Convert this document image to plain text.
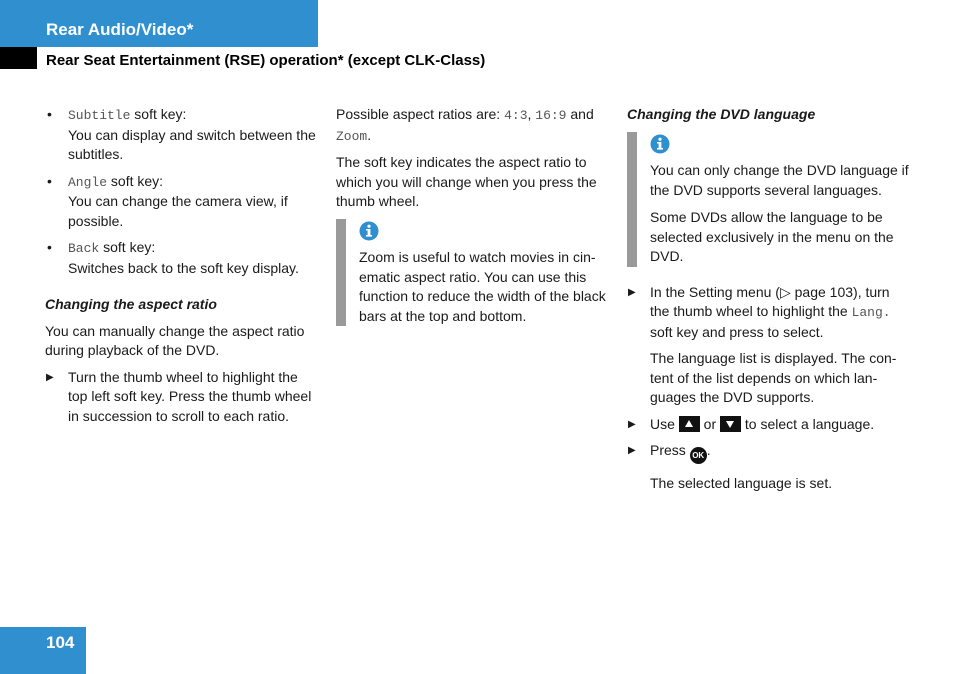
Rear Audio/Video*
Rear Seat Entertainment (RSE) operation* (except CLK-Class)
• Subtitle soft key:
You can display and switch between the subtitles.
• Angle soft key:
You can change the camera view, if possible.
• Back soft key:
Switches back to the soft key display.
Changing the aspect ratio

You can manually change the aspect ratio during playback of the DVD.

▶ Turn the thumb wheel to highlight the top left soft key. Press the thumb wheel in succession to scroll to each ratio.

Possible aspect ratios are: 4:3, 16:9 and Zoom.

The soft key indicates the aspect ratio to which you will change when you press the thumb wheel.

Zoom is useful to watch movies in cin-ematic aspect ratio. You can use this function to reduce the width of the black bars at the top and bottom.

Changing the DVD language

You can only change the DVD language if the DVD supports several languages.

Some DVDs allow the language to be selected exclusively in the menu on the DVD.

▶ In the Setting menu (▷ page 103), turn the thumb wheel to highlight the Lang. soft key and press to select.

The language list is displayed. The con-tent of the list depends on which lan-guages the DVD supports.

▶ Use  or  to select a language.
▶ Press OK .

The selected language is set.

104
